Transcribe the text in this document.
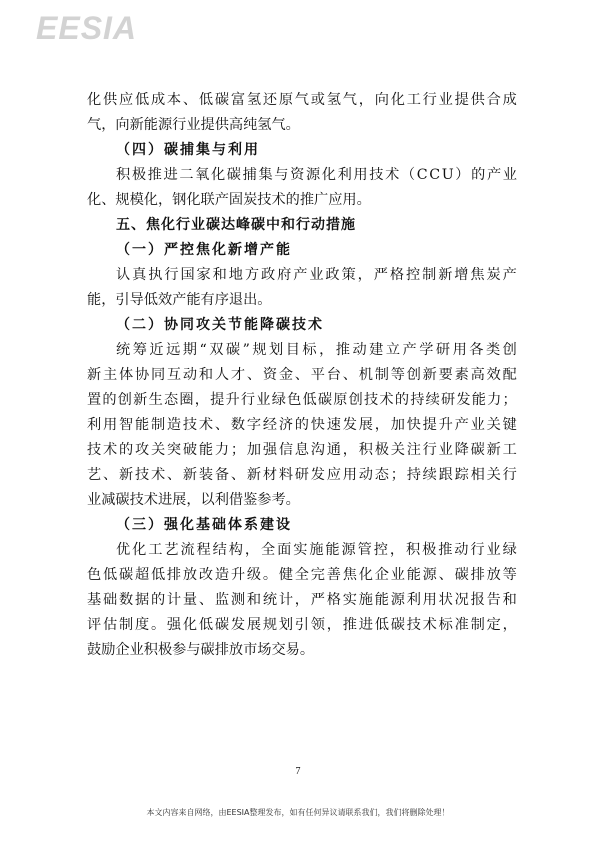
EESIA
化 供 应 低 成 本 、 低 碳 富 氢 还 原 气 或 氢 气 ， 向 化 工 行 业 提 供 合 成
气，向新能源行业提供高纯氢气。
（四）碳捕集与利用
积 极 推 进 二 氧 化 碳 捕 集 与 资 源 化 利 用 技 术 （ C C U ） 的 产 业
化、规模化，钢化联产固炭技术的推广应用。
五、焦化行业碳达峰碳中和行动措施
（一）严控焦化新增产能
认 真 执 行 国 家 和 地 方 政 府 产 业 政 策 ， 严 格 控 制 新 增 焦 炭 产
能，引导低效产能有序退出。
（二）协同攻关节能降碳技术
统 筹 近 远 期 “ 双 碳 ” 规 划 目 标 ， 推 动 建 立 产 学 研 用 各 类 创
新 主 体 协 同 互 动 和 人 才 、 资 金 、 平 台 、 机 制 等 创 新 要 素 高 效 配
置 的 创 新 生 态 圈 ， 提 升 行 业 绿 色 低 碳 原 创 技 术 的 持 续 研 发 能 力 ；
利 用 智 能 制 造 技 术 、 数 字 经 济 的 快 速 发 展 ， 加 快 提 升 产 业 关 键
技 术 的 攻 关 突 破 能 力 ； 加 强 信 息 沟 通 ， 积 极 关 注 行 业 降 碳 新 工
艺 、 新 技 术 、 新 装 备 、 新 材 料 研 发 应 用 动 态 ； 持 续 跟 踪 相 关 行
业减碳技术进展，以利借鉴参考。
（三）强化基础体系建设
优 化 工 艺 流 程 结 构 ， 全 面 实 施 能 源 管 控 ， 积 极 推 动 行 业 绿
色 低 碳 超 低 排 放 改 造 升 级 。 健 全 完 善 焦 化 企 业 能 源 、 碳 排 放 等
基 础 数 据 的 计 量 、 监 测 和 统 计 ， 严 格 实 施 能 源 利 用 状 况 报 告 和
评 估 制 度 。 强 化 低 碳 发 展 规 划 引 领 ， 推 进 低 碳 技 术 标 准 制 定 ，
鼓励企业积极参与碳排放市场交易。
7
本文内容来自网络，由EESIA整理发布，如有任何异议请联系我们，我们将删除处理！
